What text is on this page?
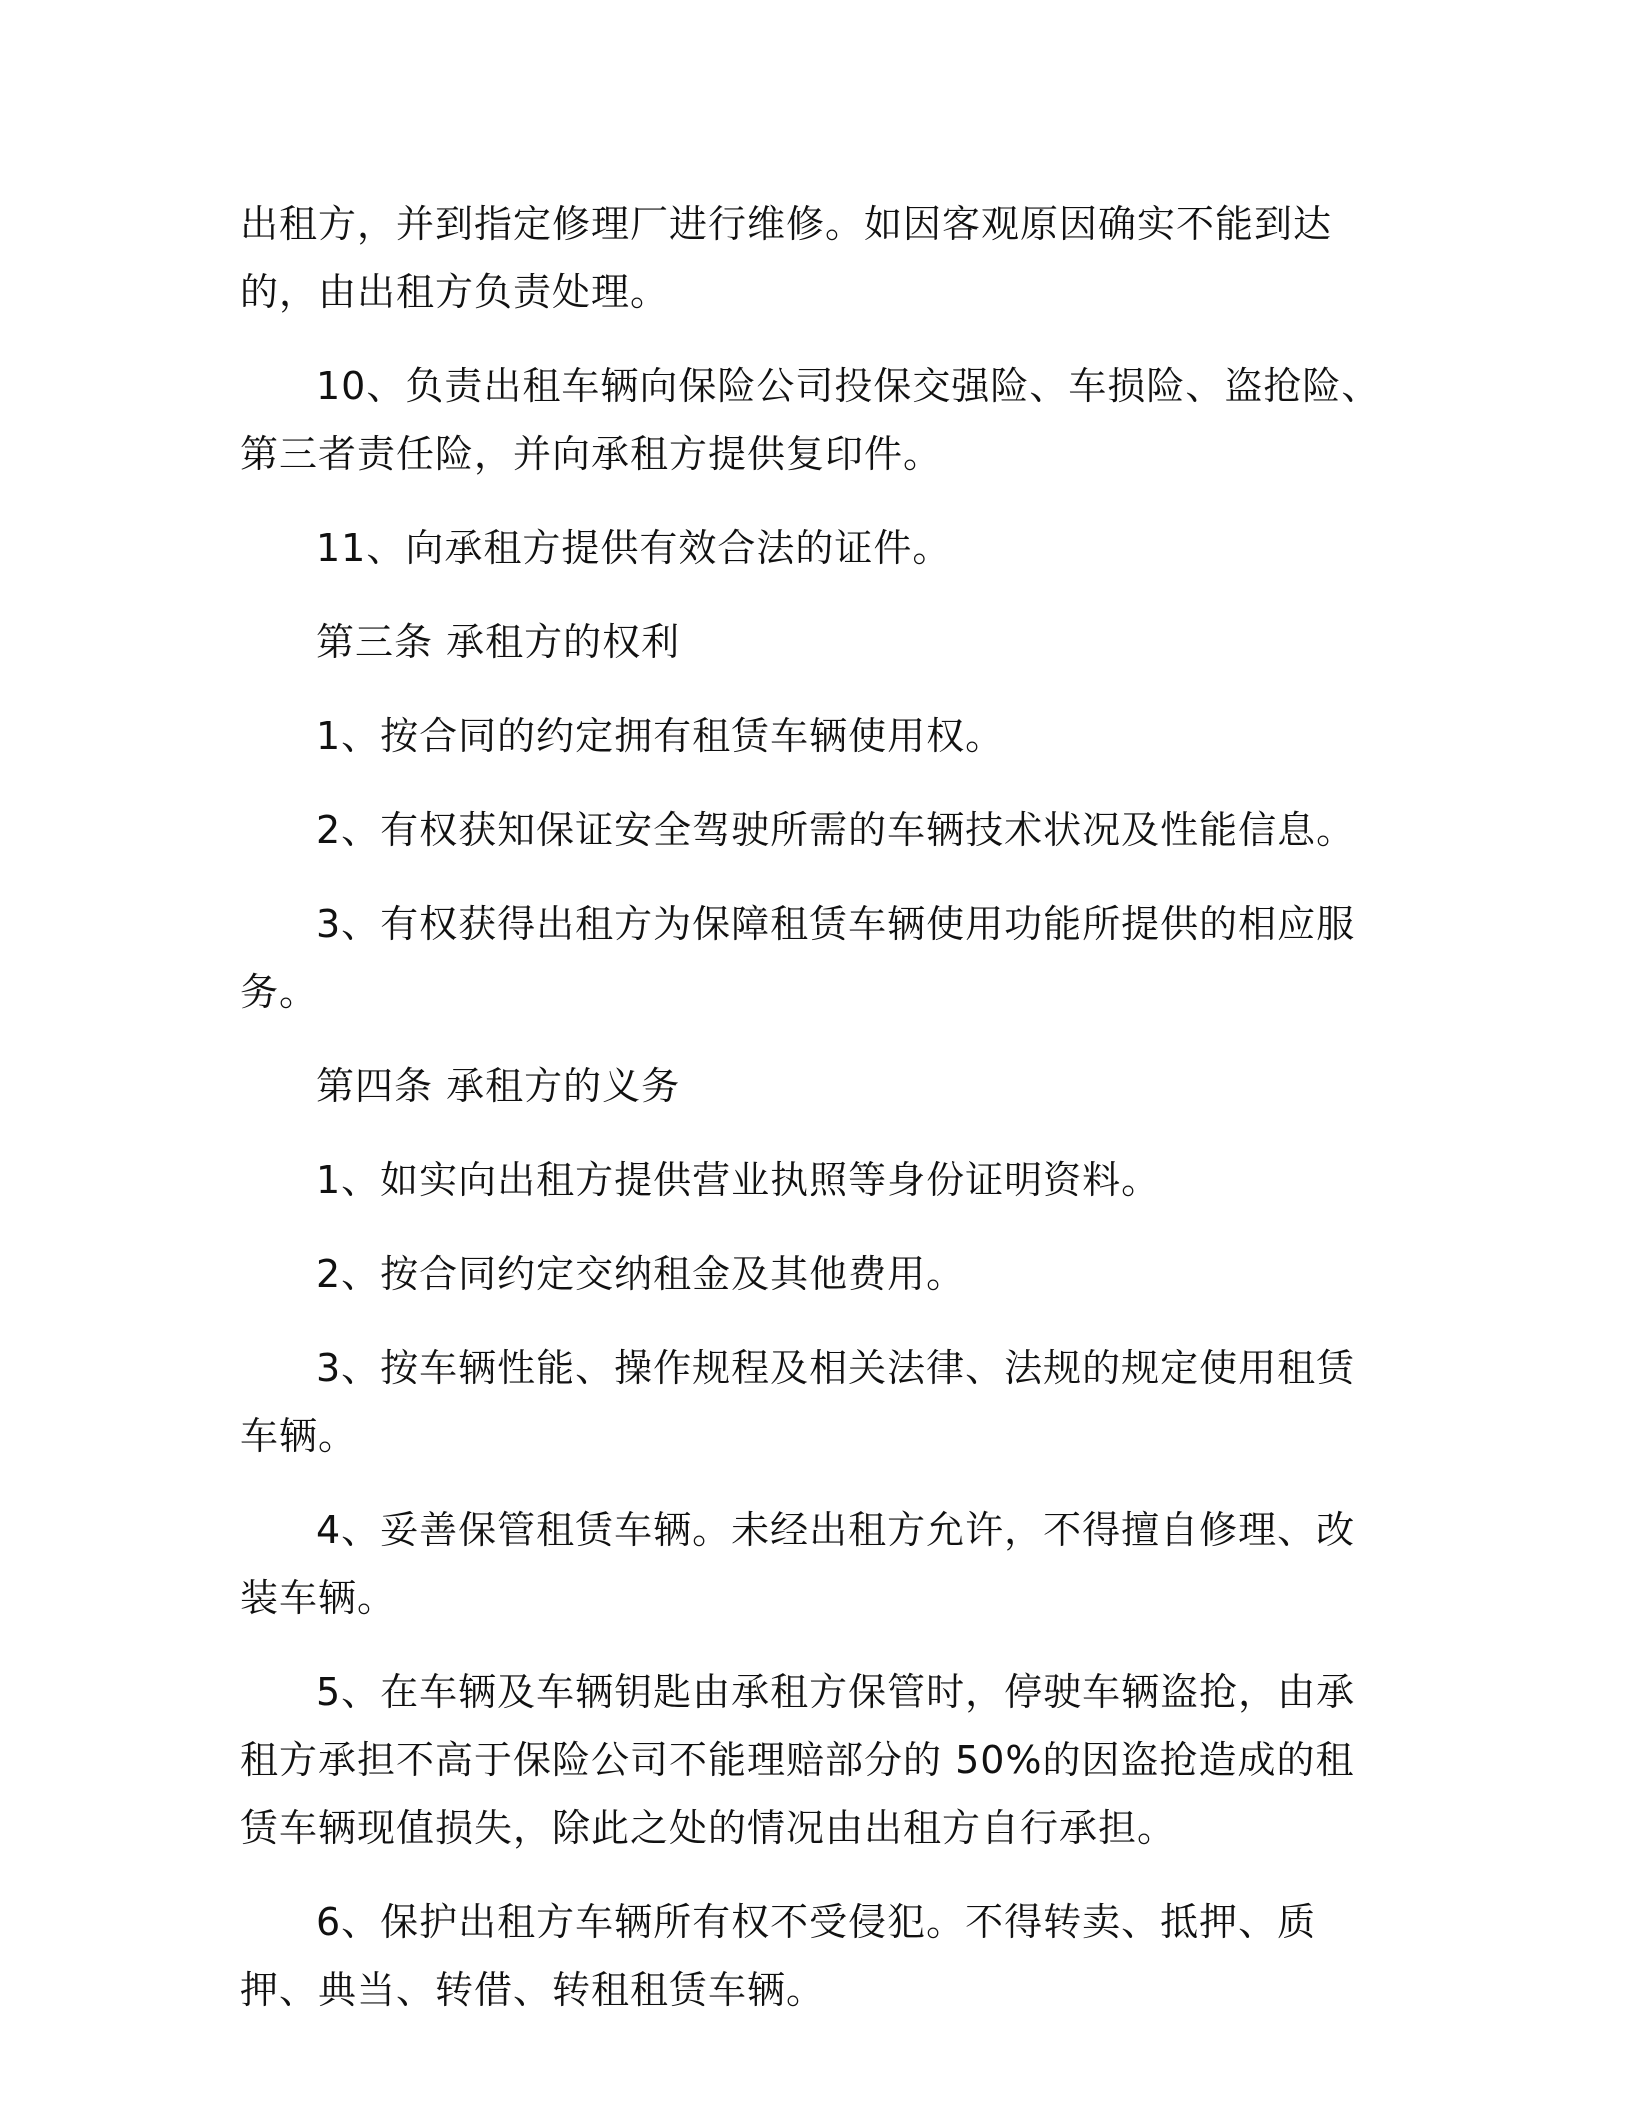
出租方，并到指定修理厂进行维修。如因客观原因确实不能到达的，由出租方负责处理。

10、负责出租车辆向保险公司投保交强险、车损险、盗抢险、第三者责任险，并向承租方提供复印件。

11、向承租方提供有效合法的证件。

第三条 承租方的权利

1、按合同的约定拥有租赁车辆使用权。

2、有权获知保证安全驾驶所需的车辆技术状况及性能信息。

3、有权获得出租方为保障租赁车辆使用功能所提供的相应服务。

第四条 承租方的义务

1、如实向出租方提供营业执照等身份证明资料。

2、按合同约定交纳租金及其他费用。

3、按车辆性能、操作规程及相关法律、法规的规定使用租赁车辆。

4、妥善保管租赁车辆。未经出租方允许，不得擅自修理、改装车辆。

5、在车辆及车辆钥匙由承租方保管时，停驶车辆盗抢，由承租方承担不高于保险公司不能理赔部分的 50%的因盗抢造成的租赁车辆现值损失，除此之处的情况由出租方自行承担。

6、保护出租方车辆所有权不受侵犯。不得转卖、抵押、质押、典当、转借、转租租赁车辆。
